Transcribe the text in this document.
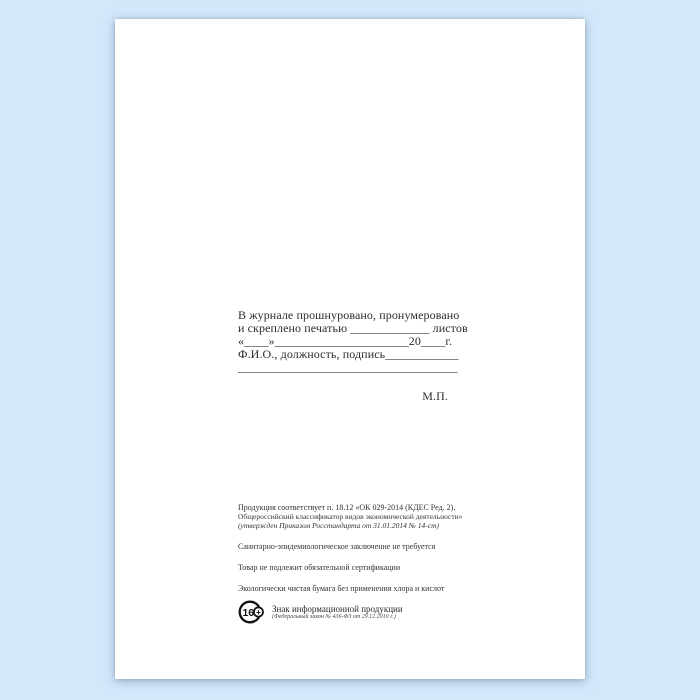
В журнале прошнуровано, пронумеровано
и скреплено печатью _____________ листов
«____»______________________20____г.
Ф.И.О., должность, подпись____________
____________________________________
М.П.
Продукция соответствует п. 18.12 «ОК 029-2014 (КДЕС Ред. 2).
Общероссийский классификатор видов экономической деятельности»
(утвержден Приказом Росстандарта от 31.01.2014 № 14-ст)
Санитарно-эпидемиологическое заключение не требуется
Товар не подлежит обязательной сертификации
Экологически чистая бумага без применения хлора и кислот
16 + Знак информационной продукции
(Федеральный закон № 436-ФЗ от 29.12.2010 г.)
